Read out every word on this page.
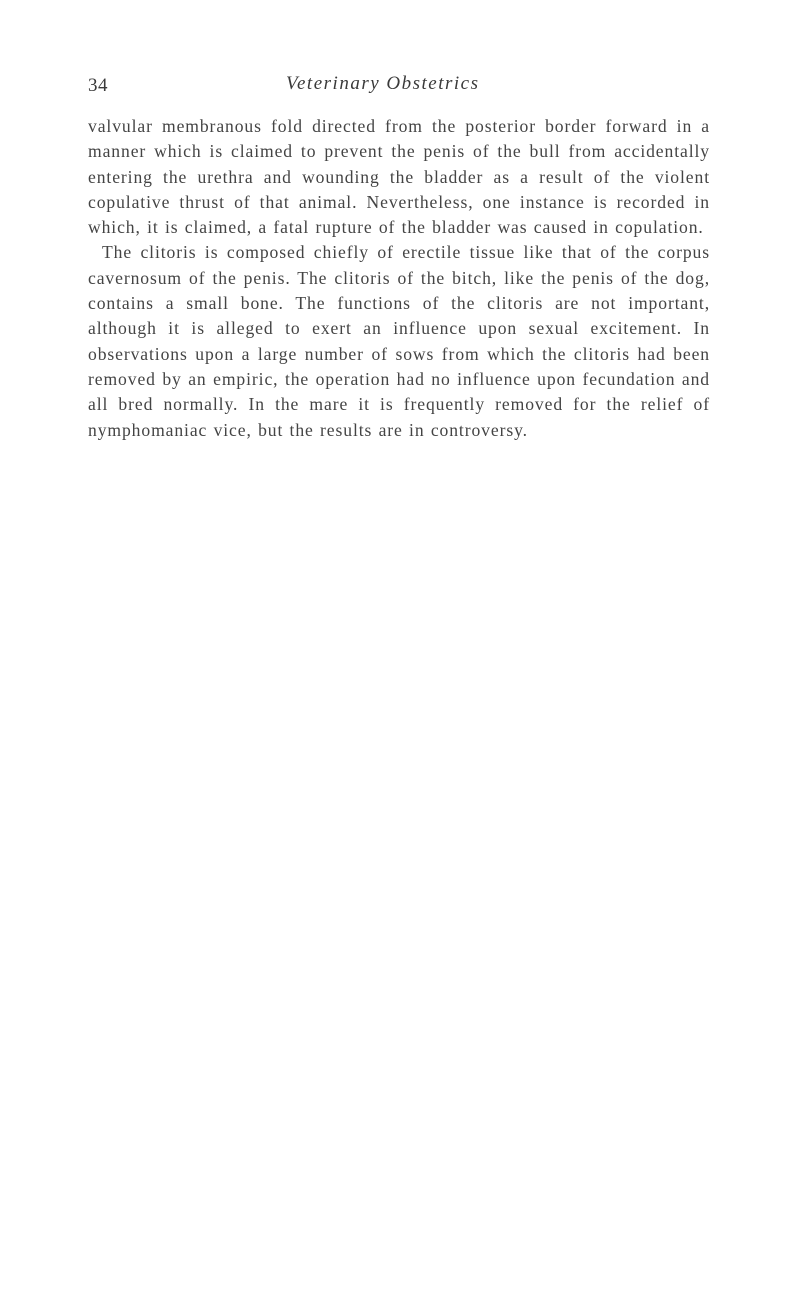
34	Veterinary Obstetrics

valvular membranous fold directed from the posterior border forward in a manner which is claimed to prevent the penis of the bull from accidentally entering the urethra and wounding the bladder as a result of the violent copulative thrust of that animal. Nevertheless, one instance is recorded in which, it is claimed, a fatal rupture of the bladder was caused in copulation.

The clitoris is composed chiefly of erectile tissue like that of the corpus cavernosum of the penis. The clitoris of the bitch, like the penis of the dog, contains a small bone. The functions of the clitoris are not important, although it is alleged to exert an influence upon sexual excitement. In observations upon a large number of sows from which the clitoris had been removed by an empiric, the operation had no influence upon fecundation and all bred normally. In the mare it is frequently removed for the relief of nymphomaniac vice, but the results are in controversy.
